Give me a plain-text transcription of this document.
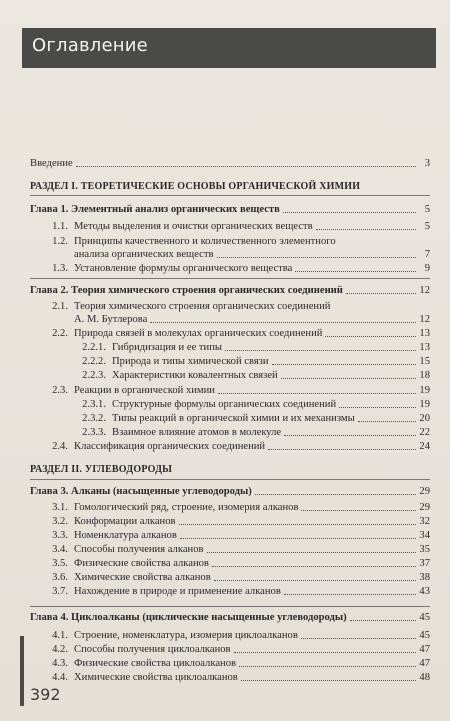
Оглавление
Введение	3
РАЗДЕЛ I. ТЕОРЕТИЧЕСКИЕ ОСНОВЫ ОРГАНИЧЕСКОЙ ХИМИИ
Глава 1. Элементный анализ органических веществ	5
1.1. Методы выделения и очистки органических веществ	5
1.2. Принципы качественного и количественного элементного
анализа органических веществ	7
1.3. Установление формулы органического вещества	9
Глава 2. Теория химического строения органических соединений	12
2.1. Теория химического строения органических соединений
А. М. Бутлерова	12
2.2. Природа связей в молекулах органических соединений	13
2.2.1. Гибридизация и ее типы	13
2.2.2. Природа и типы химической связи	15
2.2.3. Характеристики ковалентных связей	18
2.3. Реакции в органической химии	19
2.3.1. Структурные формулы органических соединений	19
2.3.2. Типы реакций в органической химии и их механизмы	20
2.3.3. Взаимное влияние атомов в молекуле	22
2.4. Классификация органических соединений	24
РАЗДЕЛ II. УГЛЕВОДОРОДЫ
Глава 3. Алканы (насыщенные углеводороды)	29
3.1. Гомологический ряд, строение, изомерия алканов	29
3.2. Конформации алканов	32
3.3. Номенклатура алканов	34
3.4. Способы получения алканов	35
3.5. Физические свойства алканов	37
3.6. Химические свойства алканов	38
3.7. Нахождение в природе и применение алканов	43
Глава 4. Циклоалканы (циклические насыщенные углеводороды)	45
4.1. Строение, номенклатура, изомерия циклоалканов	45
4.2. Способы получения циклоалканов	47
4.3. Физические свойства циклоалканов	47
4.4. Химические свойства циклоалканов	48
392
